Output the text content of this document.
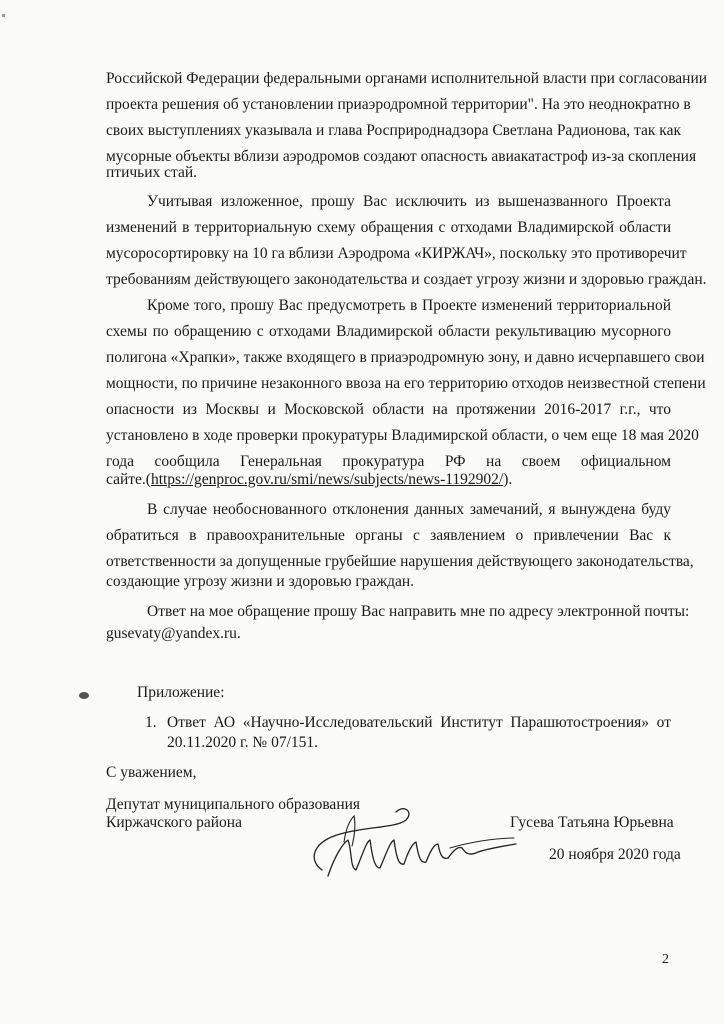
Российской Федерации федеральными органами исполнительной власти при согласовании
проекта решения об установлении приаэродромной территории". На это неоднократно в
своих выступлениях указывала и глава Росприроднадзора Светлана Радионова, так как
мусорные объекты вблизи аэродромов создают опасность авиакатастроф из-за скопления
птичьих стай.
Учитывая изложенное, прошу Вас исключить из вышеназванного Проекта
изменений в территориальную схему обращения с отходами Владимирской области
мусоросортировку на 10 га вблизи Аэродрома «КИРЖАЧ», поскольку это противоречит
требованиям действующего законодательства и создает угрозу жизни и здоровью граждан.
Кроме того, прошу Вас предусмотреть в Проекте изменений территориальной
схемы по обращению с отходами Владимирской области рекультивацию мусорного
полигона «Храпки», также входящего в приаэродромную зону, и давно исчерпавшего свои
мощности, по причине незаконного ввоза на его территорию отходов неизвестной степени
опасности из Москвы и Московской области на протяжении 2016-2017 г.г., что
установлено в ходе проверки прокуратуры Владимирской области, о чем еще 18 мая 2020
года сообщила Генеральная прокуратура РФ на своем официальном
сайте.(https://genproc.gov.ru/smi/news/subjects/news-1192902/).
В случае необоснованного отклонения данных замечаний, я вынуждена буду
обратиться в правоохранительные органы с заявлением о привлечении Вас к
ответственности за допущенные грубейшие нарушения действующего законодательства,
создающие угрозу жизни и здоровью граждан.
Ответ на мое обращение прошу Вас направить мне по адресу электронной почты:
gusevaty@yandex.ru.
Приложение:
1. Ответ АО «Научно-Исследовательский Институт Парашютостроения» от
20.11.2020 г. № 07/151.
С уважением,
Депутат муниципального образования
Киржачского района	Гусева Татьяна Юрьевна
20 ноября 2020 года
2
